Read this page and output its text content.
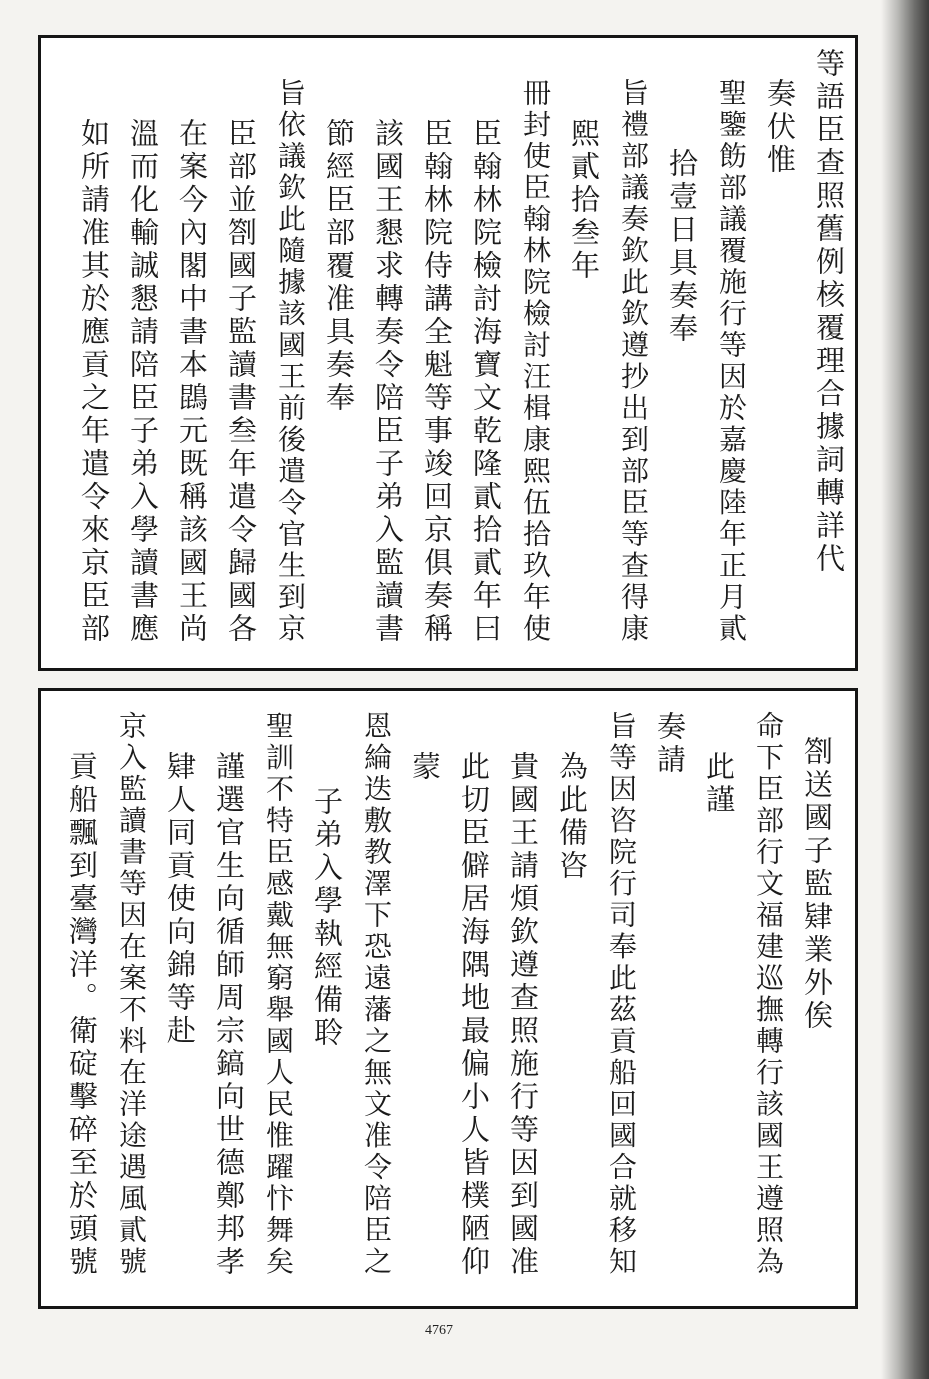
等語臣查照舊例核覆理合據詞轉詳代
奏伏惟
聖鑒飭部議覆施行等因於嘉慶陸年正月貳
拾壹日具奏奉
旨禮部議奏欽此欽遵抄出到部臣等查得康
熙貳拾叁年
冊封使臣翰林院檢討汪楫康熙伍拾玖年使
臣翰林院檢討海寶文乾隆貳拾貳年曰
臣翰林院侍講全魁等事竣回京俱奏稱
該國王懇求轉奏令陪臣子弟入監讀書
節經臣部覆准具奏奉
旨依議欽此隨據該國王前後遣令官生到京
臣部並劄國子監讀書叁年遣令歸國各
在案今內閣中書本鵾元既稱該國王尚
溫而化輸誠懇請陪臣子弟入學讀書應
如所請准其於應貢之年遣令來京臣部
劄送國子監肄業外俟
命下臣部行文福建巡撫轉行該國王遵照為
此謹
奏請
旨等因咨院行司奉此茲貢船回國合就移知
為此備咨
貴國王請煩欽遵查照施行等因到國准
此切臣僻居海隅地最偏小人皆樸陋仰
蒙
恩綸迭敷教澤下恐遠藩之無文准令陪臣之
子弟入學執經備聆
聖訓不特臣感戴無窮舉國人民惟躍忭舞矣
謹選官生向循師周宗鎬向世德鄭邦孝
肄人同貢使向錦等赴
京入監讀書等因在案不料在洋途遇風貳號
貢船飄到臺灣洋。衛碇擊碎至於頭號
4767
